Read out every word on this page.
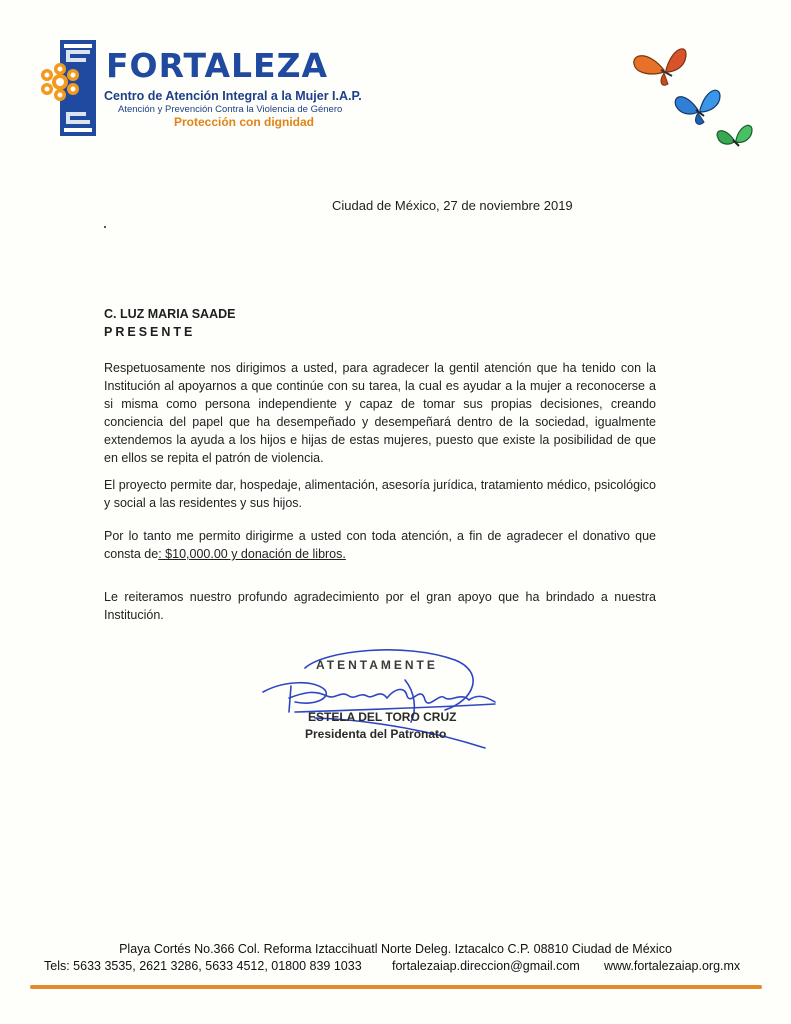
FORTALEZA
Centro de Atención Integral a la Mujer I.A.P.
Atención y Prevención Contra la Violencia de Género
Protección con dignidad
Ciudad de México, 27 de noviembre 2019
C. LUZ MARIA SAADE
PRESENTE
Respetuosamente nos dirigimos a usted, para agradecer la gentil atención que ha tenido con la Institución al apoyarnos a que continúe con su tarea, la cual es ayudar a la mujer a reconocerse a si misma como persona independiente y capaz de tomar sus propias decisiones, creando conciencia del papel que ha desempeñado y desempeñará dentro de la sociedad, igualmente extendemos la ayuda a los hijos e hijas de estas mujeres, puesto que existe la posibilidad de que en ellos se repita el patrón de violencia.
El proyecto permite dar, hospedaje, alimentación, asesoría jurídica, tratamiento médico, psicológico y social a las residentes y sus hijos.
Por lo tanto me permito dirigirme a usted con toda atención, a fin de agradecer el donativo que consta de: $10,000.00 y donación de libros.
Le reiteramos nuestro profundo agradecimiento por el gran apoyo que ha brindado a nuestra Institución.
ATENTAMENTE
ESTELA DEL TORO CRUZ
Presidenta del Patronato
Playa Cortés No.366 Col. Reforma Iztaccihuatl Norte Deleg. Iztacalco C.P. 08810 Ciudad de México
Tels: 5633 3535, 2621 3286, 5633 4512, 01800 839 1033 fortalezaiap.direccion@gmail.com www.fortalezaiap.org.mx
